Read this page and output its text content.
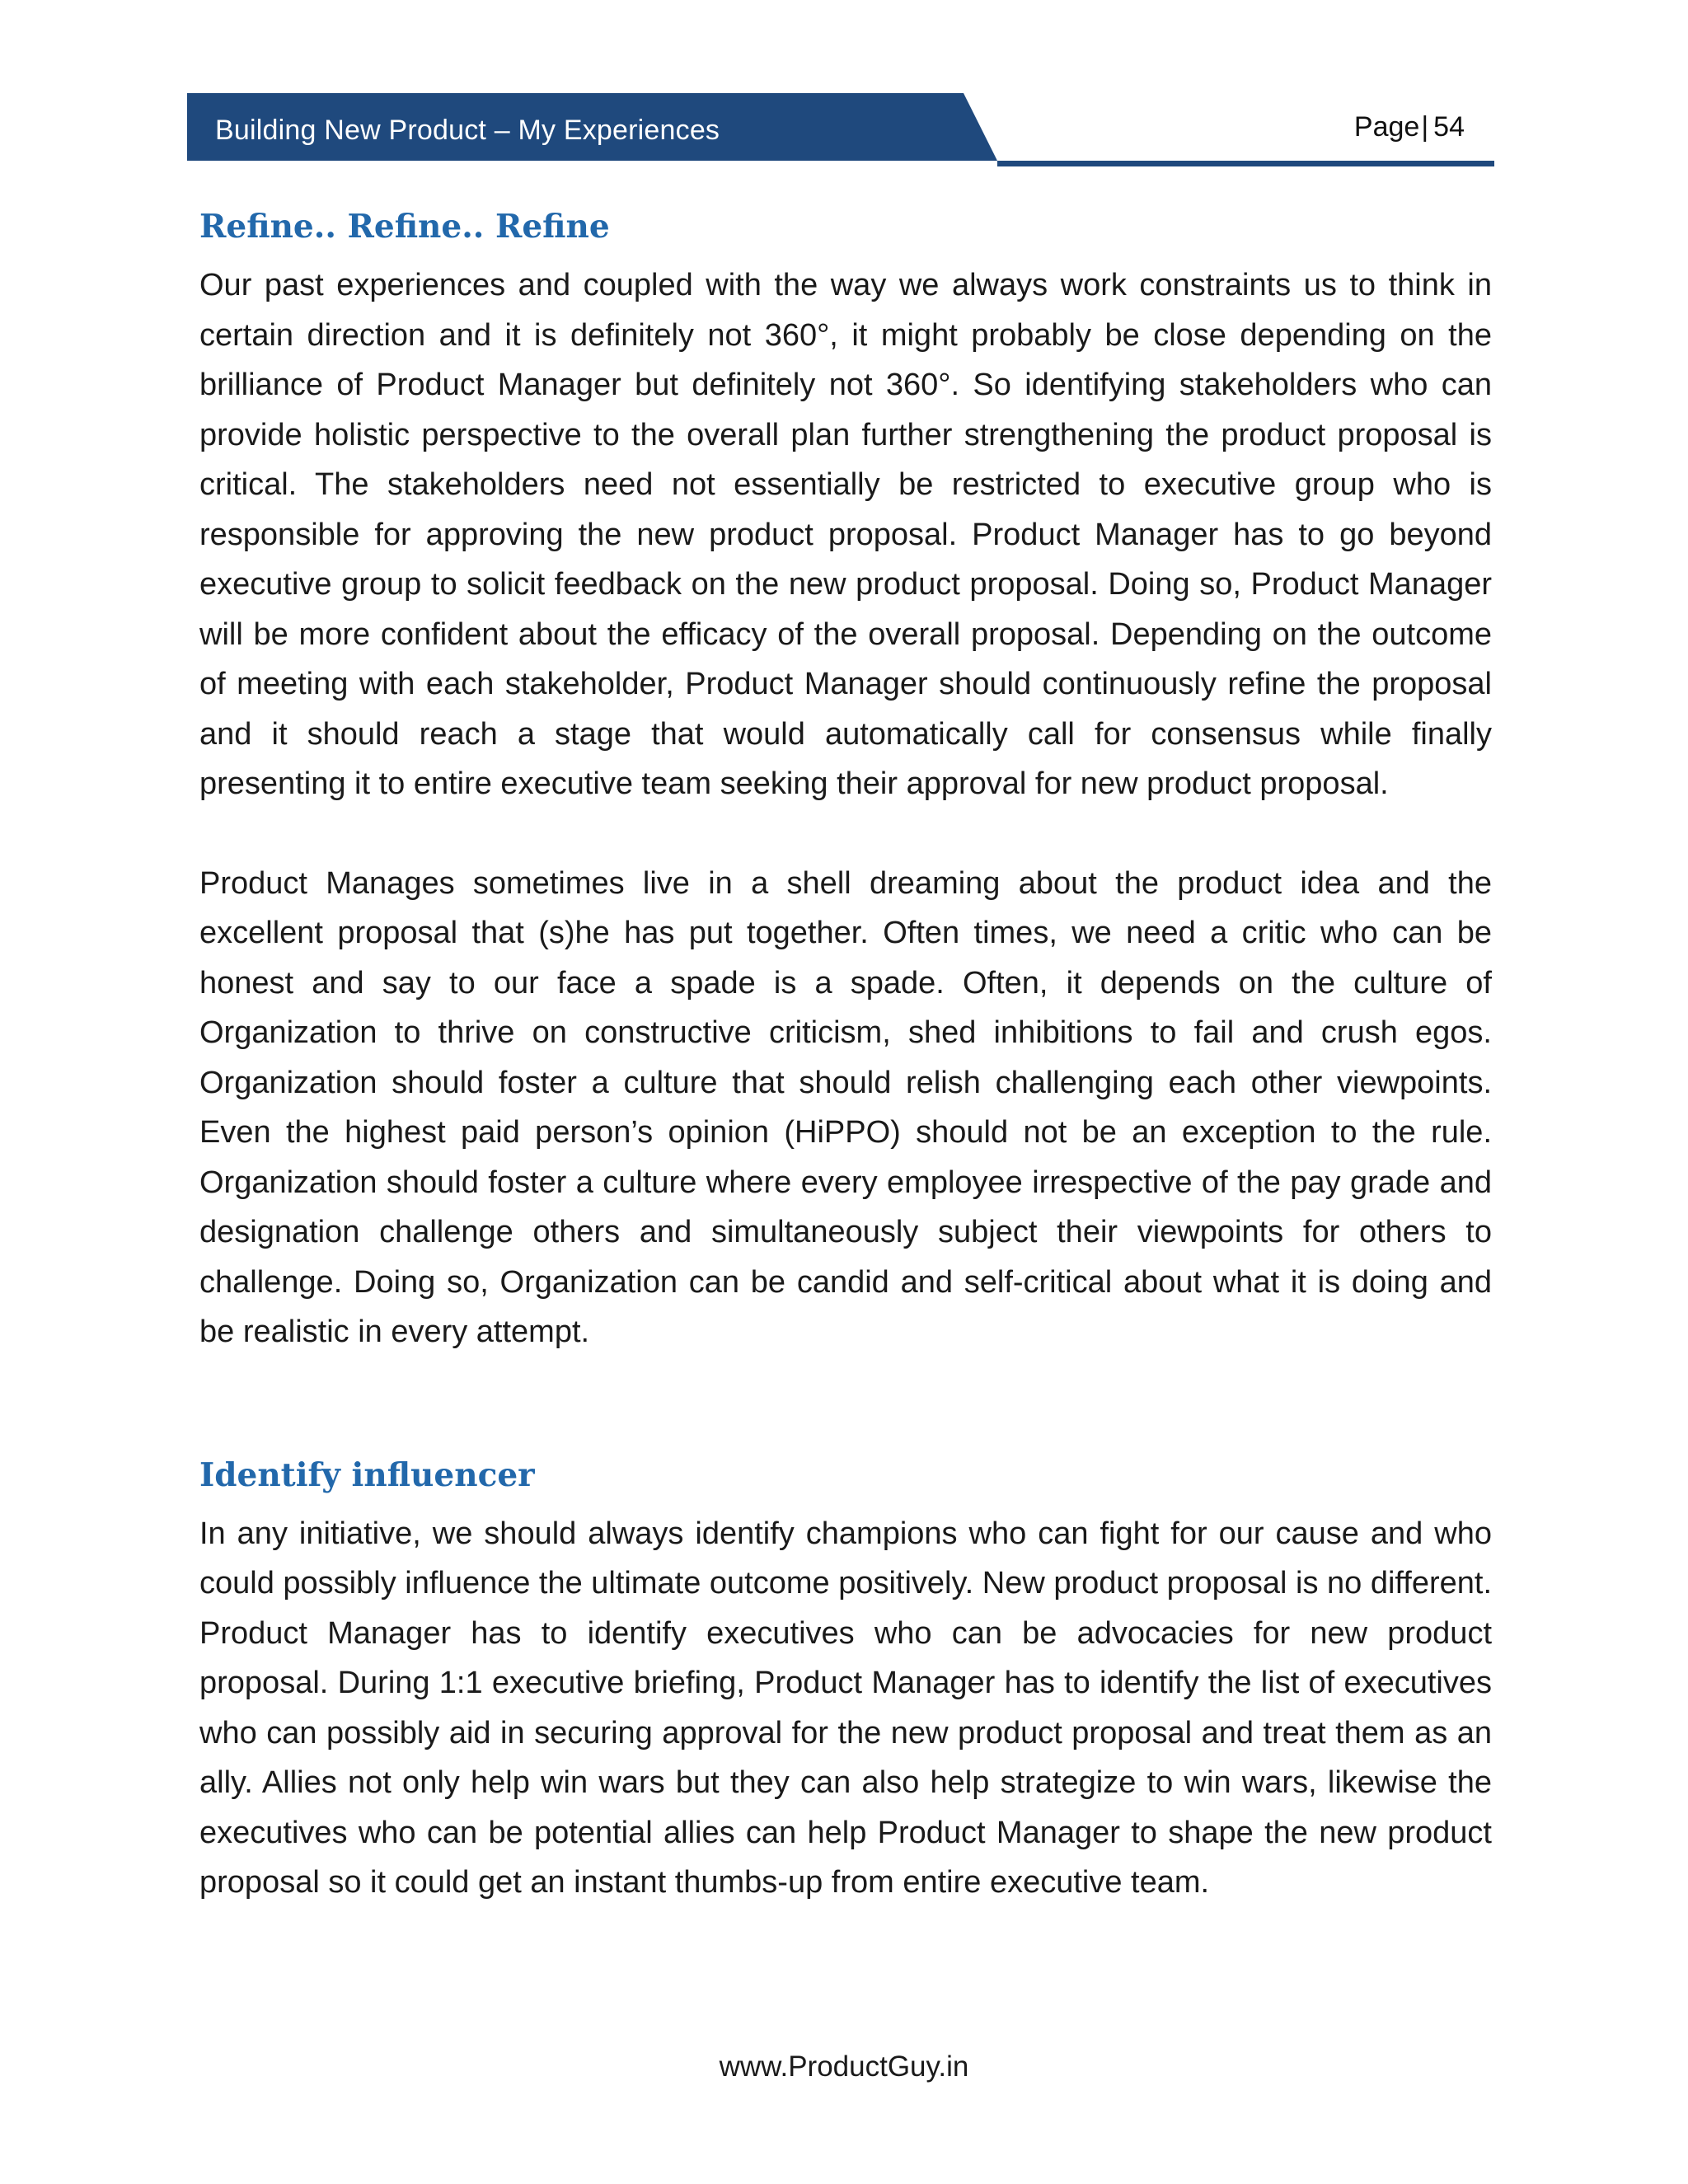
Building New Product – My Experiences	Page| 54
Refine.. Refine.. Refine

Our past experiences and coupled with the way we always work constraints us to think in certain direction and it is definitely not 360°, it might probably be close depending on the brilliance of Product Manager but definitely not 360°. So identifying stakeholders who can provide holistic perspective to the overall plan further strengthening the product proposal is critical. The stakeholders need not essentially be restricted to executive group who is responsible for approving the new product proposal. Product Manager has to go beyond executive group to solicit feedback on the new product proposal. Doing so, Product Manager will be more confident about the efficacy of the overall proposal. Depending on the outcome of meeting with each stakeholder, Product Manager should continuously refine the proposal and it should reach a stage that would automatically call for consensus while finally presenting it to entire executive team seeking their approval for new product proposal.

Product Manages sometimes live in a shell dreaming about the product idea and the excellent proposal that (s)he has put together. Often times, we need a critic who can be honest and say to our face a spade is a spade. Often, it depends on the culture of Organization to thrive on constructive criticism, shed inhibitions to fail and crush egos. Organization should foster a culture that should relish challenging each other viewpoints. Even the highest paid person’s opinion (HiPPO) should not be an exception to the rule. Organization should foster a culture where every employee irrespective of the pay grade and designation challenge others and simultaneously subject their viewpoints for others to challenge. Doing so, Organization can be candid and self-critical about what it is doing and be realistic in every attempt.

Identify influencer

In any initiative, we should always identify champions who can fight for our cause and who could possibly influence the ultimate outcome positively. New product proposal is no different. Product Manager has to identify executives who can be advocacies for new product proposal. During 1:1 executive briefing, Product Manager has to identify the list of executives who can possibly aid in securing approval for the new product proposal and treat them as an ally. Allies not only help win wars but they can also help strategize to win wars, likewise the executives who can be potential allies can help Product Manager to shape the new product proposal so it could get an instant thumbs-up from entire executive team.

www.ProductGuy.in
